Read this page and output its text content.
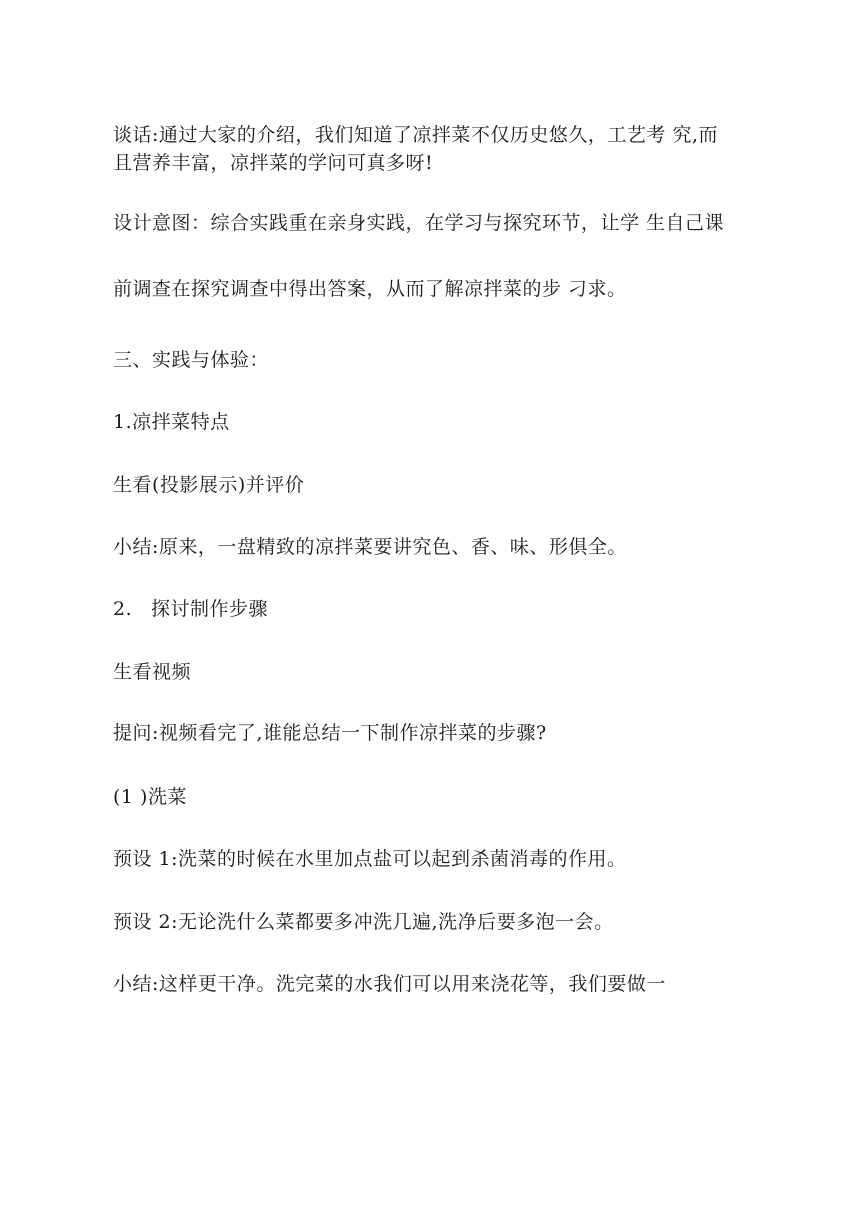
谈话:通过大家的介绍，我们知道了凉拌菜不仅历史悠久，工艺考 究,而
且营养丰富，凉拌菜的学问可真多呀!
设计意图：综合实践重在亲身实践，在学习与探究环节，让学 生自己课
前调查在探究调查中得出答案，从而了解凉拌菜的步 刁求。
三、实践与体验：
1.凉拌菜特点
生看(投影展示)并评价
小结:原来，一盘精致的凉拌菜要讲究色、香、味、形俱全。
2. 探讨制作步骤
生看视频
提问:视频看完了,谁能总结一下制作凉拌菜的步骤?
(1 )洗菜
预设 1:洗菜的时候在水里加点盐可以起到杀菌消毒的作用。
预设 2:无论洗什么菜都要多冲洗几遍,洗净后要多泡一会。
小结:这样更干净。洗完菜的水我们可以用来浇花等，我们要做一
